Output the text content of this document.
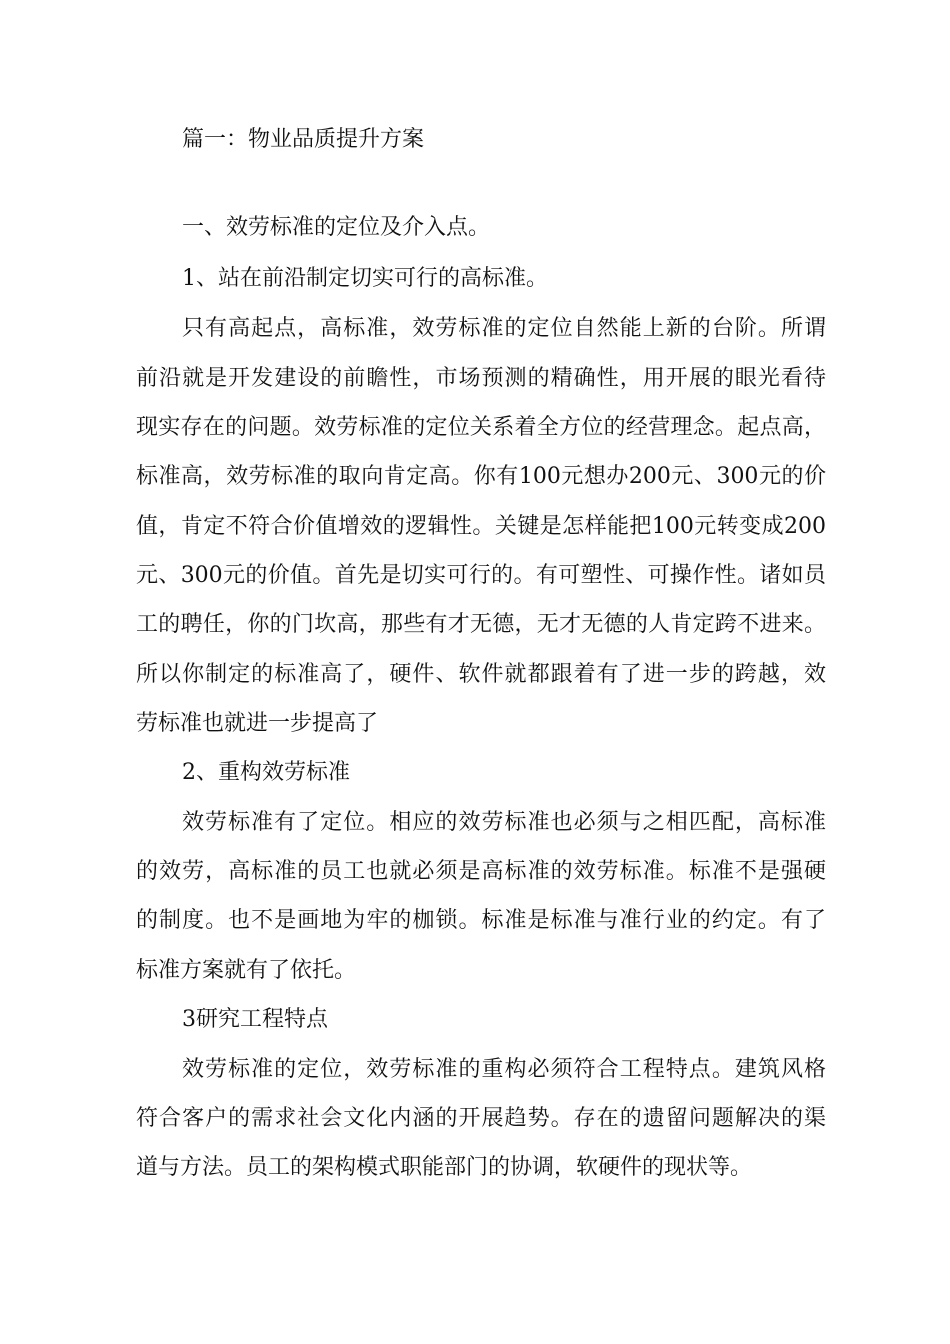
篇一：物业品质提升方案
一、效劳标准的定位及介入点。
1、站在前沿制定切实可行的高标准。
只有高起点，高标准，效劳标准的定位自然能上新的台阶。所谓
前沿就是开发建设的前瞻性，市场预测的精确性，用开展的眼光看待
现实存在的问题。效劳标准的定位关系着全方位的经营理念。起点高，
标准高，效劳标准的取向肯定高。你有100元想办200元、300元的价
值，肯定不符合价值增效的逻辑性。关键是怎样能把100元转变成200
元、300元的价值。首先是切实可行的。有可塑性、可操作性。诸如员
工的聘任，你的门坎高，那些有才无德，无才无德的人肯定跨不进来。
所以你制定的标准高了，硬件、软件就都跟着有了进一步的跨越，效
劳标准也就进一步提高了
2、重构效劳标准
效劳标准有了定位。相应的效劳标准也必须与之相匹配，高标准
的效劳，高标准的员工也就必须是高标准的效劳标准。标准不是强硬
的制度。也不是画地为牢的枷锁。标准是标准与准行业的约定。有了
标准方案就有了依托。
3研究工程特点
效劳标准的定位，效劳标准的重构必须符合工程特点。建筑风格
符合客户的需求社会文化内涵的开展趋势。存在的遗留问题解决的渠
道与方法。员工的架构模式职能部门的协调，软硬件的现状等。
